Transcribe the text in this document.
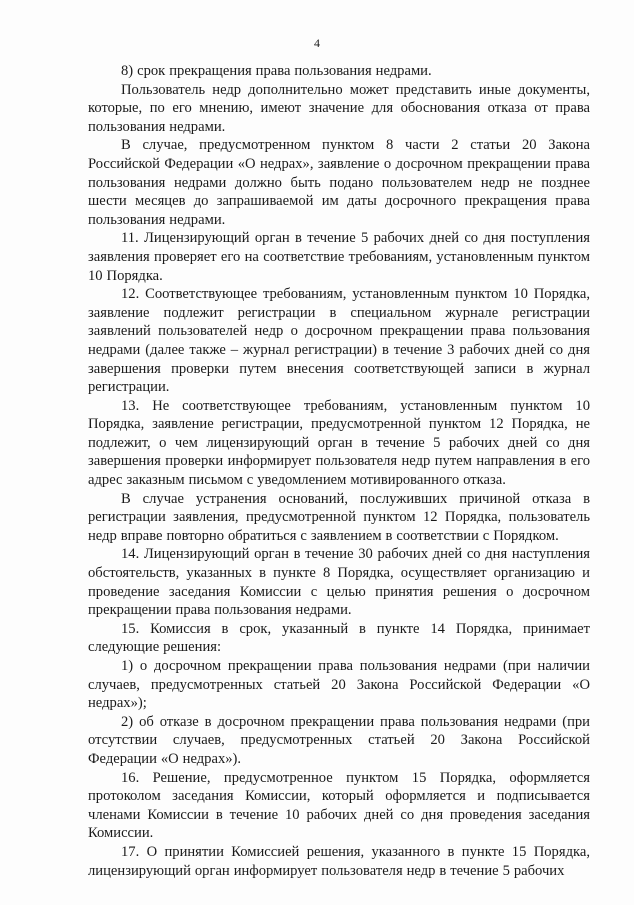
4

8) срок прекращения права пользования недрами.

Пользователь недр дополнительно может представить иные документы, которые, по его мнению, имеют значение для обоснования отказа от права пользования недрами.

В случае, предусмотренном пунктом 8 части 2 статьи 20 Закона Российской Федерации «О недрах», заявление о досрочном прекращении права пользования недрами должно быть подано пользователем недр не позднее шести месяцев до запрашиваемой им даты досрочного прекращения права пользования недрами.

11. Лицензирующий орган в течение 5 рабочих дней со дня поступления заявления проверяет его на соответствие требованиям, установленным пунктом 10 Порядка.

12. Соответствующее требованиям, установленным пунктом 10 Порядка, заявление подлежит регистрации в специальном журнале регистрации заявлений пользователей недр о досрочном прекращении права пользования недрами (далее также – журнал регистрации) в течение 3 рабочих дней со дня завершения проверки путем внесения соответствующей записи в журнал регистрации.

13. Не соответствующее требованиям, установленным пунктом 10 Порядка, заявление регистрации, предусмотренной пунктом 12 Порядка, не подлежит, о чем лицензирующий орган в течение 5 рабочих дней со дня завершения проверки информирует пользователя недр путем направления в его адрес заказным письмом с уведомлением мотивированного отказа.

В случае устранения оснований, послуживших причиной отказа в регистрации заявления, предусмотренной пунктом 12 Порядка, пользователь недр вправе повторно обратиться с заявлением в соответствии с Порядком.

14. Лицензирующий орган в течение 30 рабочих дней со дня наступления обстоятельств, указанных в пункте 8 Порядка, осуществляет организацию и проведение заседания Комиссии с целью принятия решения о досрочном прекращении права пользования недрами.

15. Комиссия в срок, указанный в пункте 14 Порядка, принимает следующие решения:

1) о досрочном прекращении права пользования недрами (при наличии случаев, предусмотренных статьей 20 Закона Российской Федерации «О недрах»);

2) об отказе в досрочном прекращении права пользования недрами (при отсутствии случаев, предусмотренных статьей 20 Закона Российской Федерации «О недрах»).

16. Решение, предусмотренное пунктом 15 Порядка, оформляется протоколом заседания Комиссии, который оформляется и подписывается членами Комиссии в течение 10 рабочих дней со дня проведения заседания Комиссии.

17. О принятии Комиссией решения, указанного в пункте 15 Порядка, лицензирующий орган информирует пользователя недр в течение 5 рабочих
